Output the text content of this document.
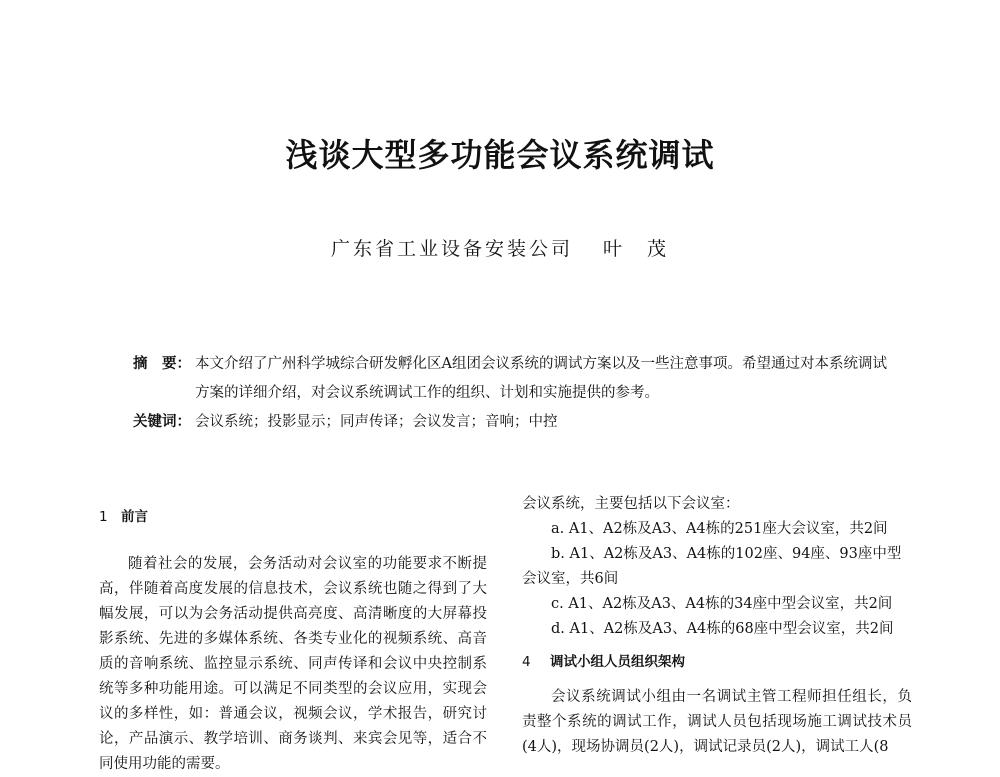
浅谈大型多功能会议系统调试
广东省工业设备安装公司 叶　茂
摘　要： 本文介绍了广州科学城综合研发孵化区A组团会议系统的调试方案以及一些注意事项。希望通过对本系统调试方案的详细介绍，对会议系统调试工作的组织、计划和实施提供的参考。
关键词： 会议系统；投影显示；同声传译；会议发言；音响；中控
1 前言

随着社会的发展，会务活动对会议室的功能要求不断提高，伴随着高度发展的信息技术，会议系统也随之得到了大幅发展，可以为会务活动提供高亮度、高清晰度的大屏幕投影系统、先进的多媒体系统、各类专业化的视频系统、高音质的音响系统、监控显示系统、同声传译和会议中央控制系统等多种功能用途。可以满足不同类型的会议应用，实现会议的多样性，如：普通会议，视频会议，学术报告，研究讨论，产品演示、教学培训、商务谈判、来宾会见等，适合不同使用功能的需要。

会议系统，主要包括以下会议室：

a. A1、A2栋及A3、A4栋的251座大会议室，共2间
b. A1、A2栋及A3、A4栋的102座、94座、93座中型会议室，共6间
c. A1、A2栋及A3、A4栋的34座中型会议室，共2间
d. A1、A2栋及A3、A4栋的68座中型会议室，共2间
4 调试小组人员组织架构

会议系统调试小组由一名调试主管工程师担任组长，负责整个系统的调试工作，调试人员包括现场施工调试技术员(4人)，现场协调员(2人)，调试记录员(2人)，调试工人(8
